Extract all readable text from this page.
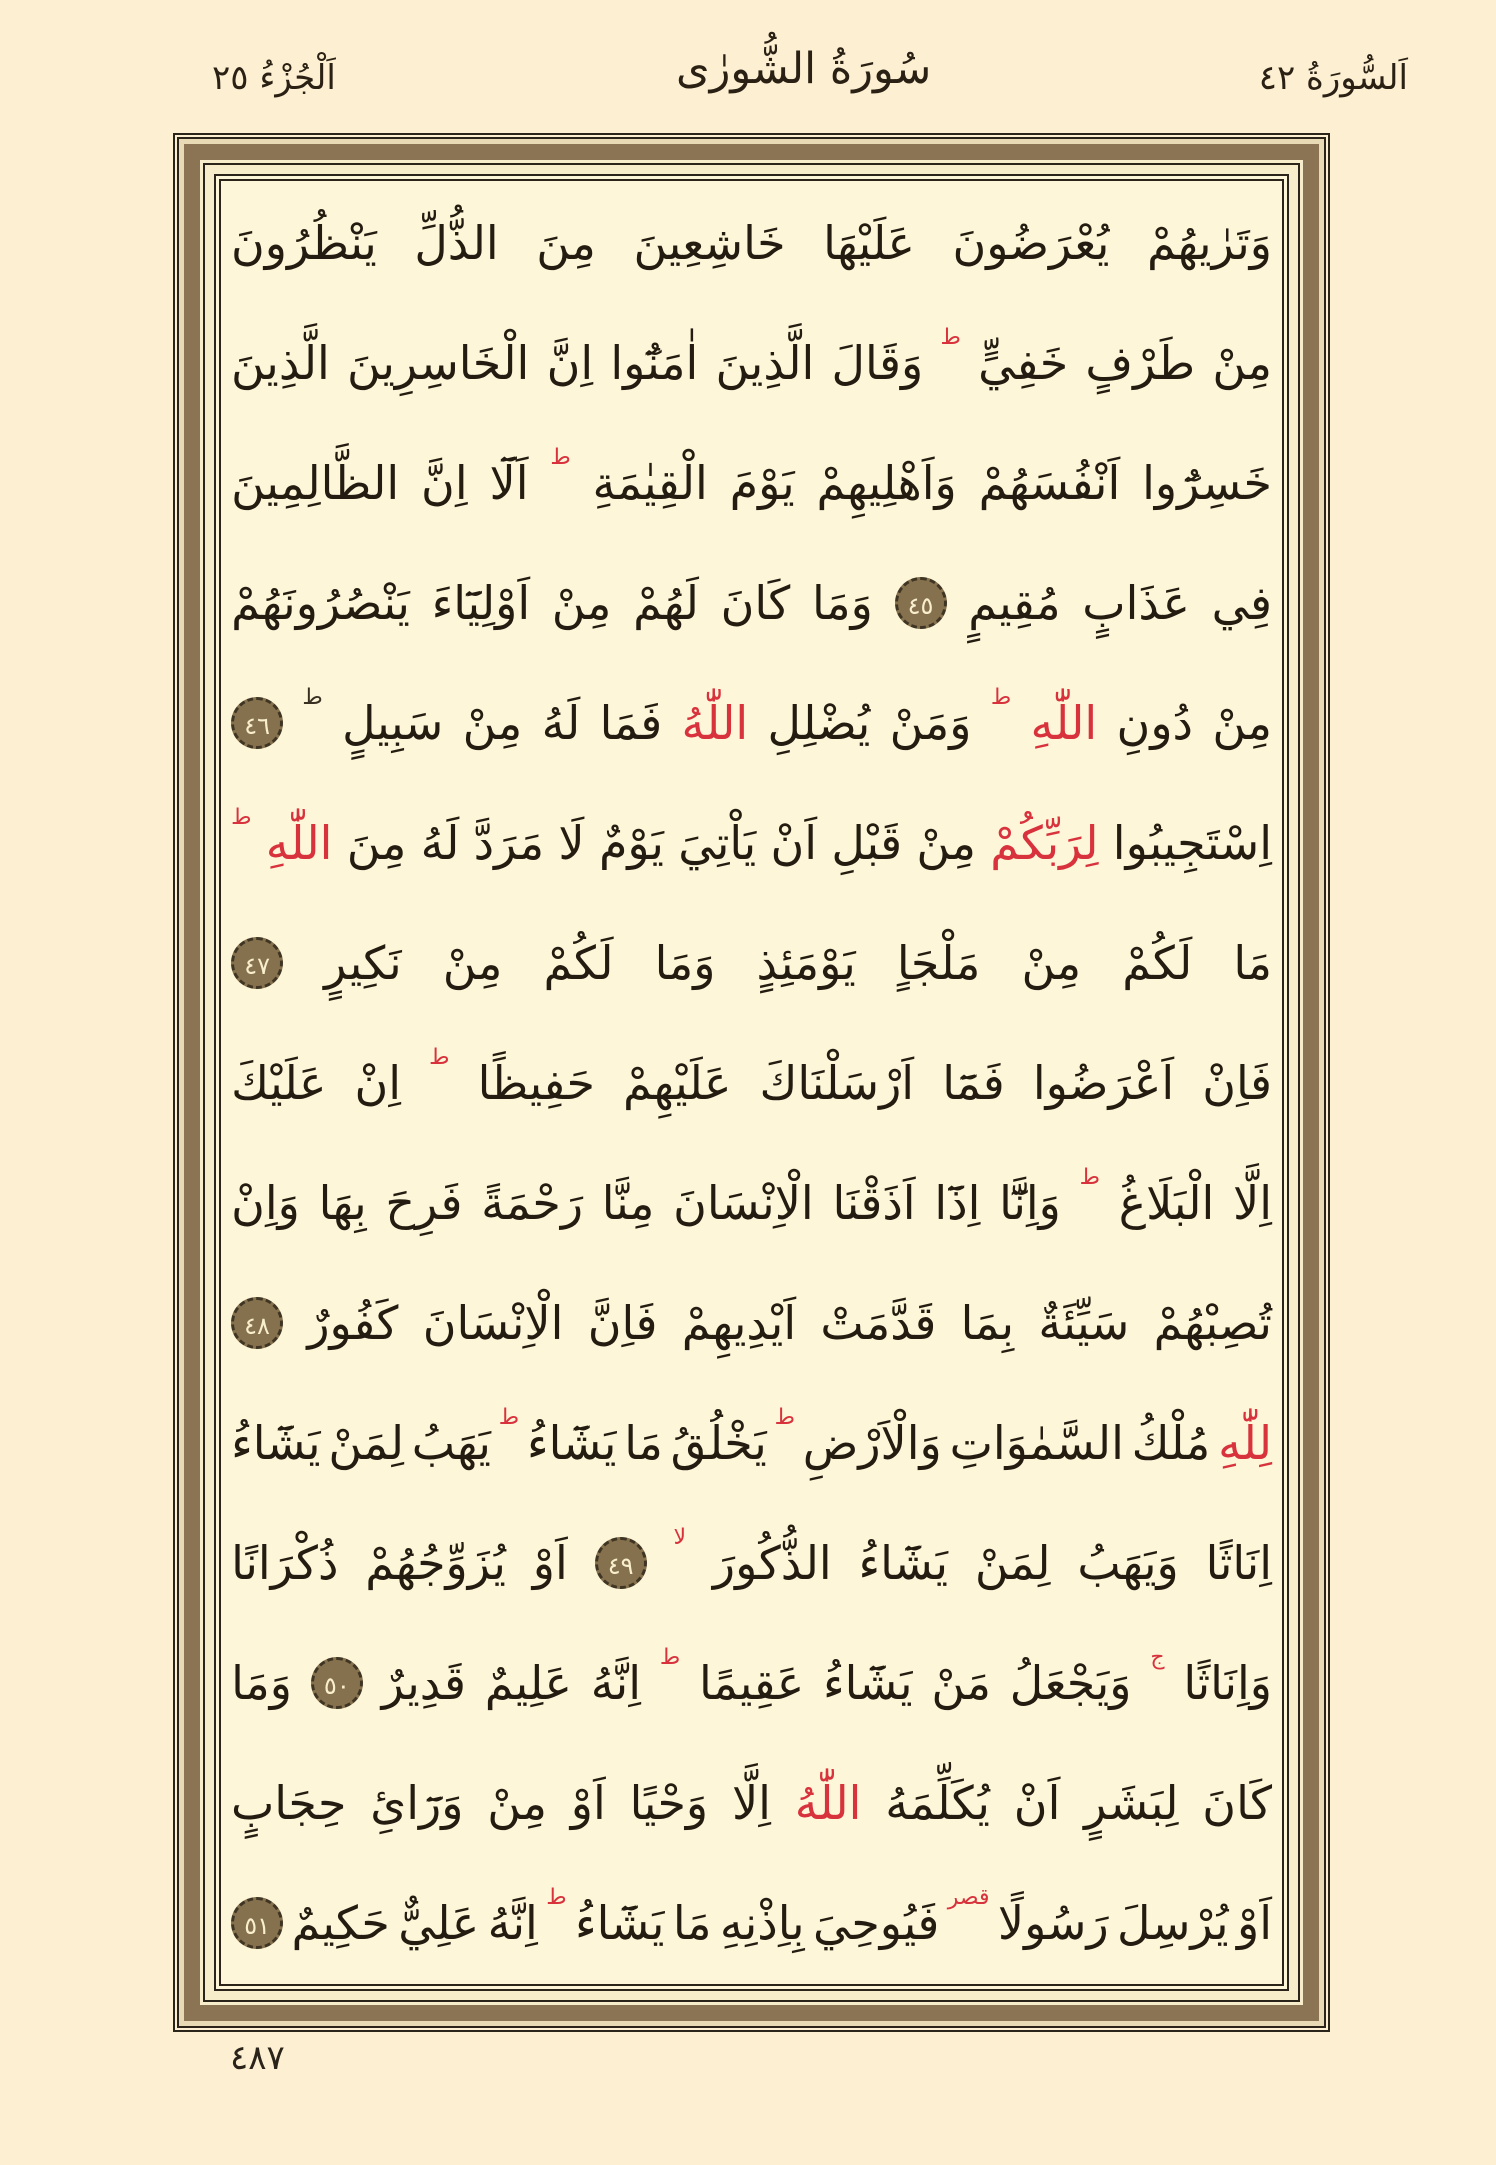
اَلْجُزْءُ ٢٥	سُورَةُ الشُّورٰى	اَلسُّورَةُ ٤٢
وَتَرٰيهُمْ
يُعْرَضُونَ
عَلَيْهَا
خَاشِعِينَ
مِنَ
الذُّلِّ
يَنْظُرُونَ
مِنْ
طَرْفٍ
خَفِيٍّ
ط
وَقَالَ
الَّذِينَ
اٰمَنُٓوا
اِنَّ
الْخَاسِرِينَ
الَّذِينَ
خَسِرُٓوا
اَنْفُسَهُمْ
وَاَهْلِيهِمْ
يَوْمَ
الْقِيٰمَةِ
ط
اَلَٓا
اِنَّ
الظَّالِمِينَ
فِي
عَذَابٍ
مُقِيمٍ
٤٥
وَمَا
كَانَ
لَهُمْ
مِنْ
اَوْلِيَٓاءَ
يَنْصُرُونَهُمْ
مِنْ
دُونِ
اللّٰهِ
ط
وَمَنْ
يُضْلِلِ
اللّٰهُ
فَمَا
لَهُ
مِنْ
سَبِيلٍ
ط
٤٦
اِسْتَجِيبُوا
لِرَبِّكُمْ
مِنْ
قَبْلِ
اَنْ
يَاْتِيَ
يَوْمٌ
لَا
مَرَدَّ
لَهُ
مِنَ
اللّٰهِ
ط
مَا
لَكُمْ
مِنْ
مَلْجَاٍ
يَوْمَئِذٍ
وَمَا
لَكُمْ
مِنْ
نَكِيرٍ
٤٧
فَاِنْ
اَعْرَضُوا
فَمَٓا
اَرْسَلْنَاكَ
عَلَيْهِمْ
حَفِيظًا
ط
اِنْ
عَلَيْكَ
اِلَّا
الْبَلَاغُ
ط
وَاِنَّٓا
اِذَٓا
اَذَقْنَا
الْاِنْسَانَ
مِنَّا
رَحْمَةً
فَرِحَ
بِهَا
وَاِنْ
تُصِبْهُمْ
سَيِّئَةٌ
بِمَا
قَدَّمَتْ
اَيْدِيهِمْ
فَاِنَّ
الْاِنْسَانَ
كَفُورٌ
٤٨
لِلّٰهِ
مُلْكُ
السَّمٰوَاتِ
وَالْاَرْضِ
ط
يَخْلُقُ
مَا
يَشَٓاءُ
ط
يَهَبُ
لِمَنْ
يَشَٓاءُ
اِنَاثًا
وَيَهَبُ
لِمَنْ
يَشَٓاءُ
الذُّكُورَ
لا
٤٩
اَوْ
يُزَوِّجُهُمْ
ذُكْرَانًا
وَاِنَاثًا
ج
وَيَجْعَلُ
مَنْ
يَشَٓاءُ
عَقِيمًا
ط
اِنَّهُ
عَلِيمٌ
قَدِيرٌ
٥٠
وَمَا
كَانَ
لِبَشَرٍ
اَنْ
يُكَلِّمَهُ
اللّٰهُ
اِلَّا
وَحْيًا
اَوْ
مِنْ
وَرَٓائِ
حِجَابٍ
اَوْ
يُرْسِلَ
رَسُولًا
قصر
فَيُوحِيَ
بِاِذْنِهِ
مَا
يَشَٓاءُ
ط
اِنَّهُ
عَلِيٌّ
حَكِيمٌ
٥١
٤٨٧
